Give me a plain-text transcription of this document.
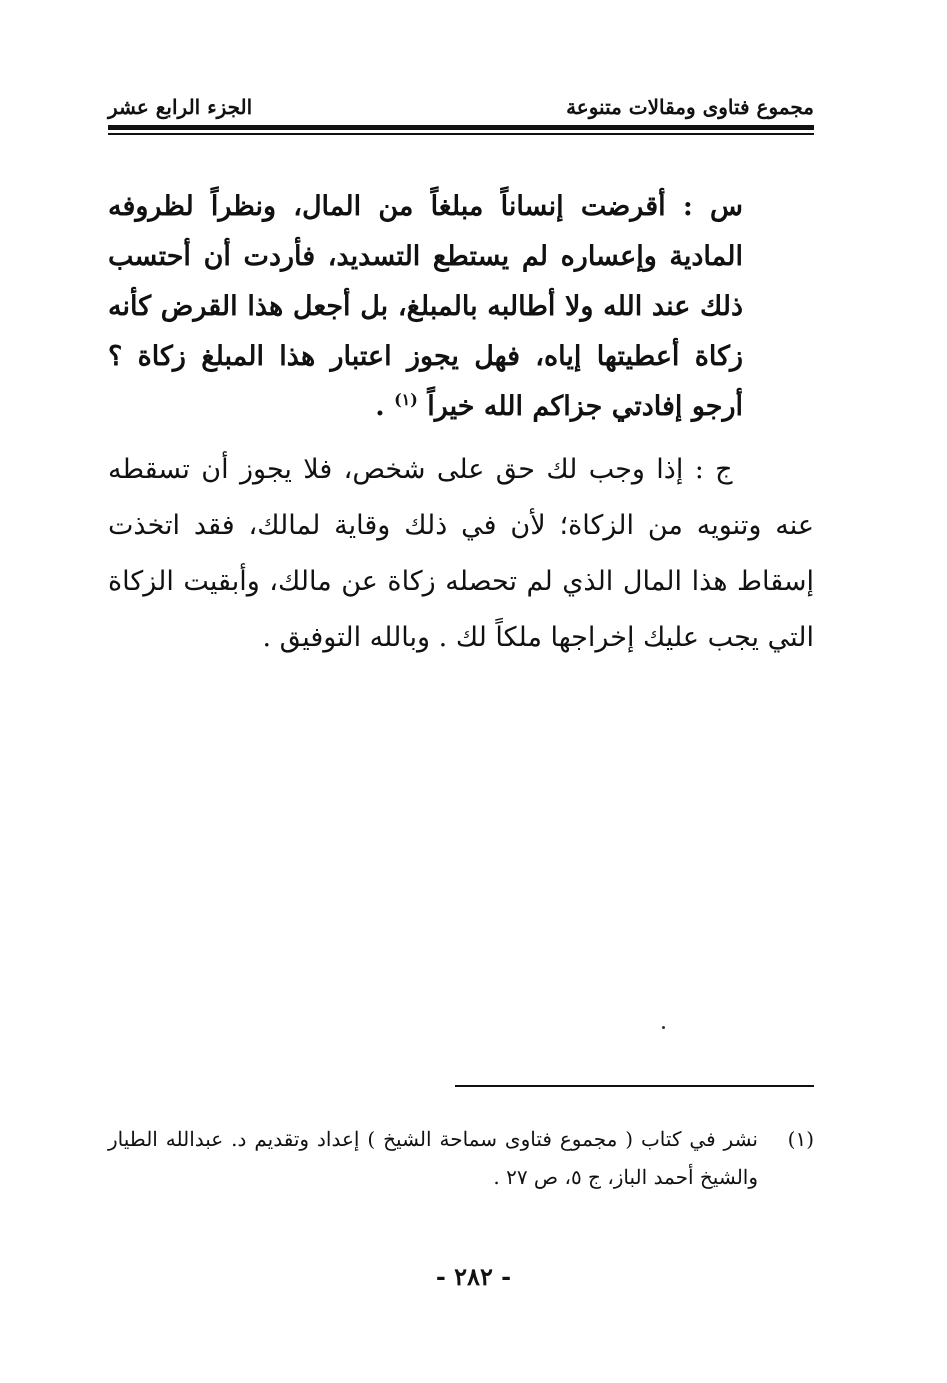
مجموع فتاوى ومقالات متنوعة
الجزء الرابع عشر
س : أقرضت إنساناً مبلغاً من المال، ونظراً لظروفه المادية وإعساره لم يستطع التسديد، فأردت أن أحتسب ذلك عند الله ولا أطالبه بالمبلغ، بل أجعل هذا القرض كأنه زكاة أعطيتها إياه، فهل يجوز اعتبار هذا المبلغ زكاة ؟ أرجو إفادتي جزاكم الله خيراً $^{(١)}$ .
ج : إذا وجب لك حق على شخص، فلا يجوز أن تسقطه عنه وتنويه من الزكاة؛ لأن في ذلك وقاية لمالك، فقد اتخذت إسقاط هذا المال الذي لم تحصله زكاة عن مالك، وأبقيت الزكاة التي يجب عليك إخراجها ملكاً لك . وبالله التوفيق .
(١)
نشر في كتاب ( مجموع فتاوى سماحة الشيخ ) إعداد وتقديم د. عبدالله الطيار والشيخ أحمد الباز، ج ٥، ص ٢٧ .
- ٢٨٢ -
